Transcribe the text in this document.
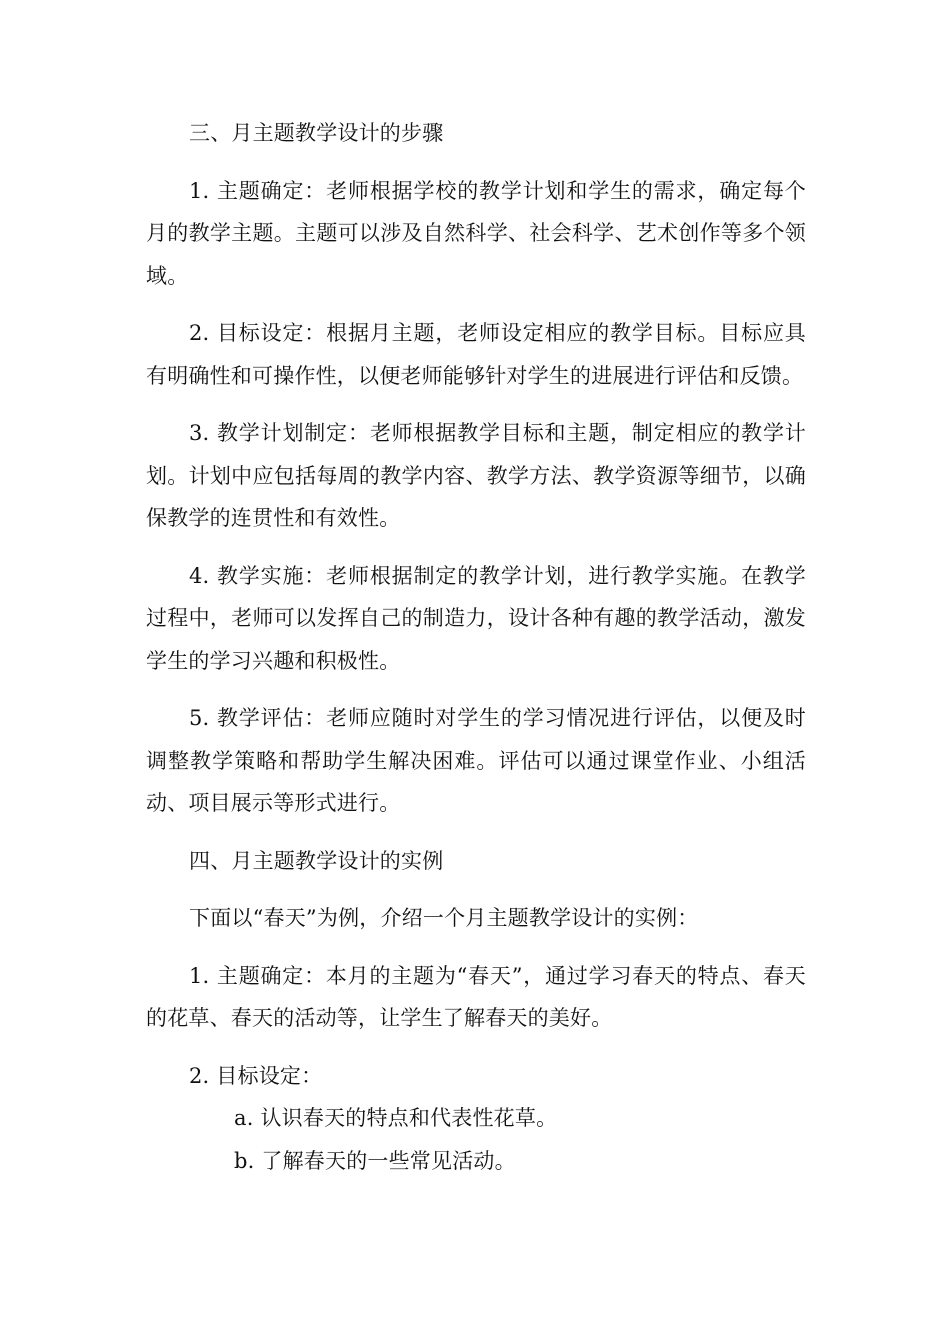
三、月主题教学设计的步骤

1. 主题确定：老师根据学校的教学计划和学生的需求，确定每个月的教学主题。主题可以涉及自然科学、社会科学、艺术创作等多个领域。

2. 目标设定：根据月主题，老师设定相应的教学目标。目标应具有明确性和可操作性，以便老师能够针对学生的进展进行评估和反馈。

3. 教学计划制定：老师根据教学目标和主题，制定相应的教学计划。计划中应包括每周的教学内容、教学方法、教学资源等细节，以确保教学的连贯性和有效性。

4. 教学实施：老师根据制定的教学计划，进行教学实施。在教学过程中，老师可以发挥自己的制造力，设计各种有趣的教学活动，激发学生的学习兴趣和积极性。

5. 教学评估：老师应随时对学生的学习情况进行评估，以便及时调整教学策略和帮助学生解决困难。评估可以通过课堂作业、小组活动、项目展示等形式进行。

四、月主题教学设计的实例

下面以“春天”为例，介绍一个月主题教学设计的实例：

1. 主题确定：本月的主题为“春天”，通过学习春天的特点、春天的花草、春天的活动等，让学生了解春天的美好。

2. 目标设定：

a. 认识春天的特点和代表性花草。

b. 了解春天的一些常见活动。
